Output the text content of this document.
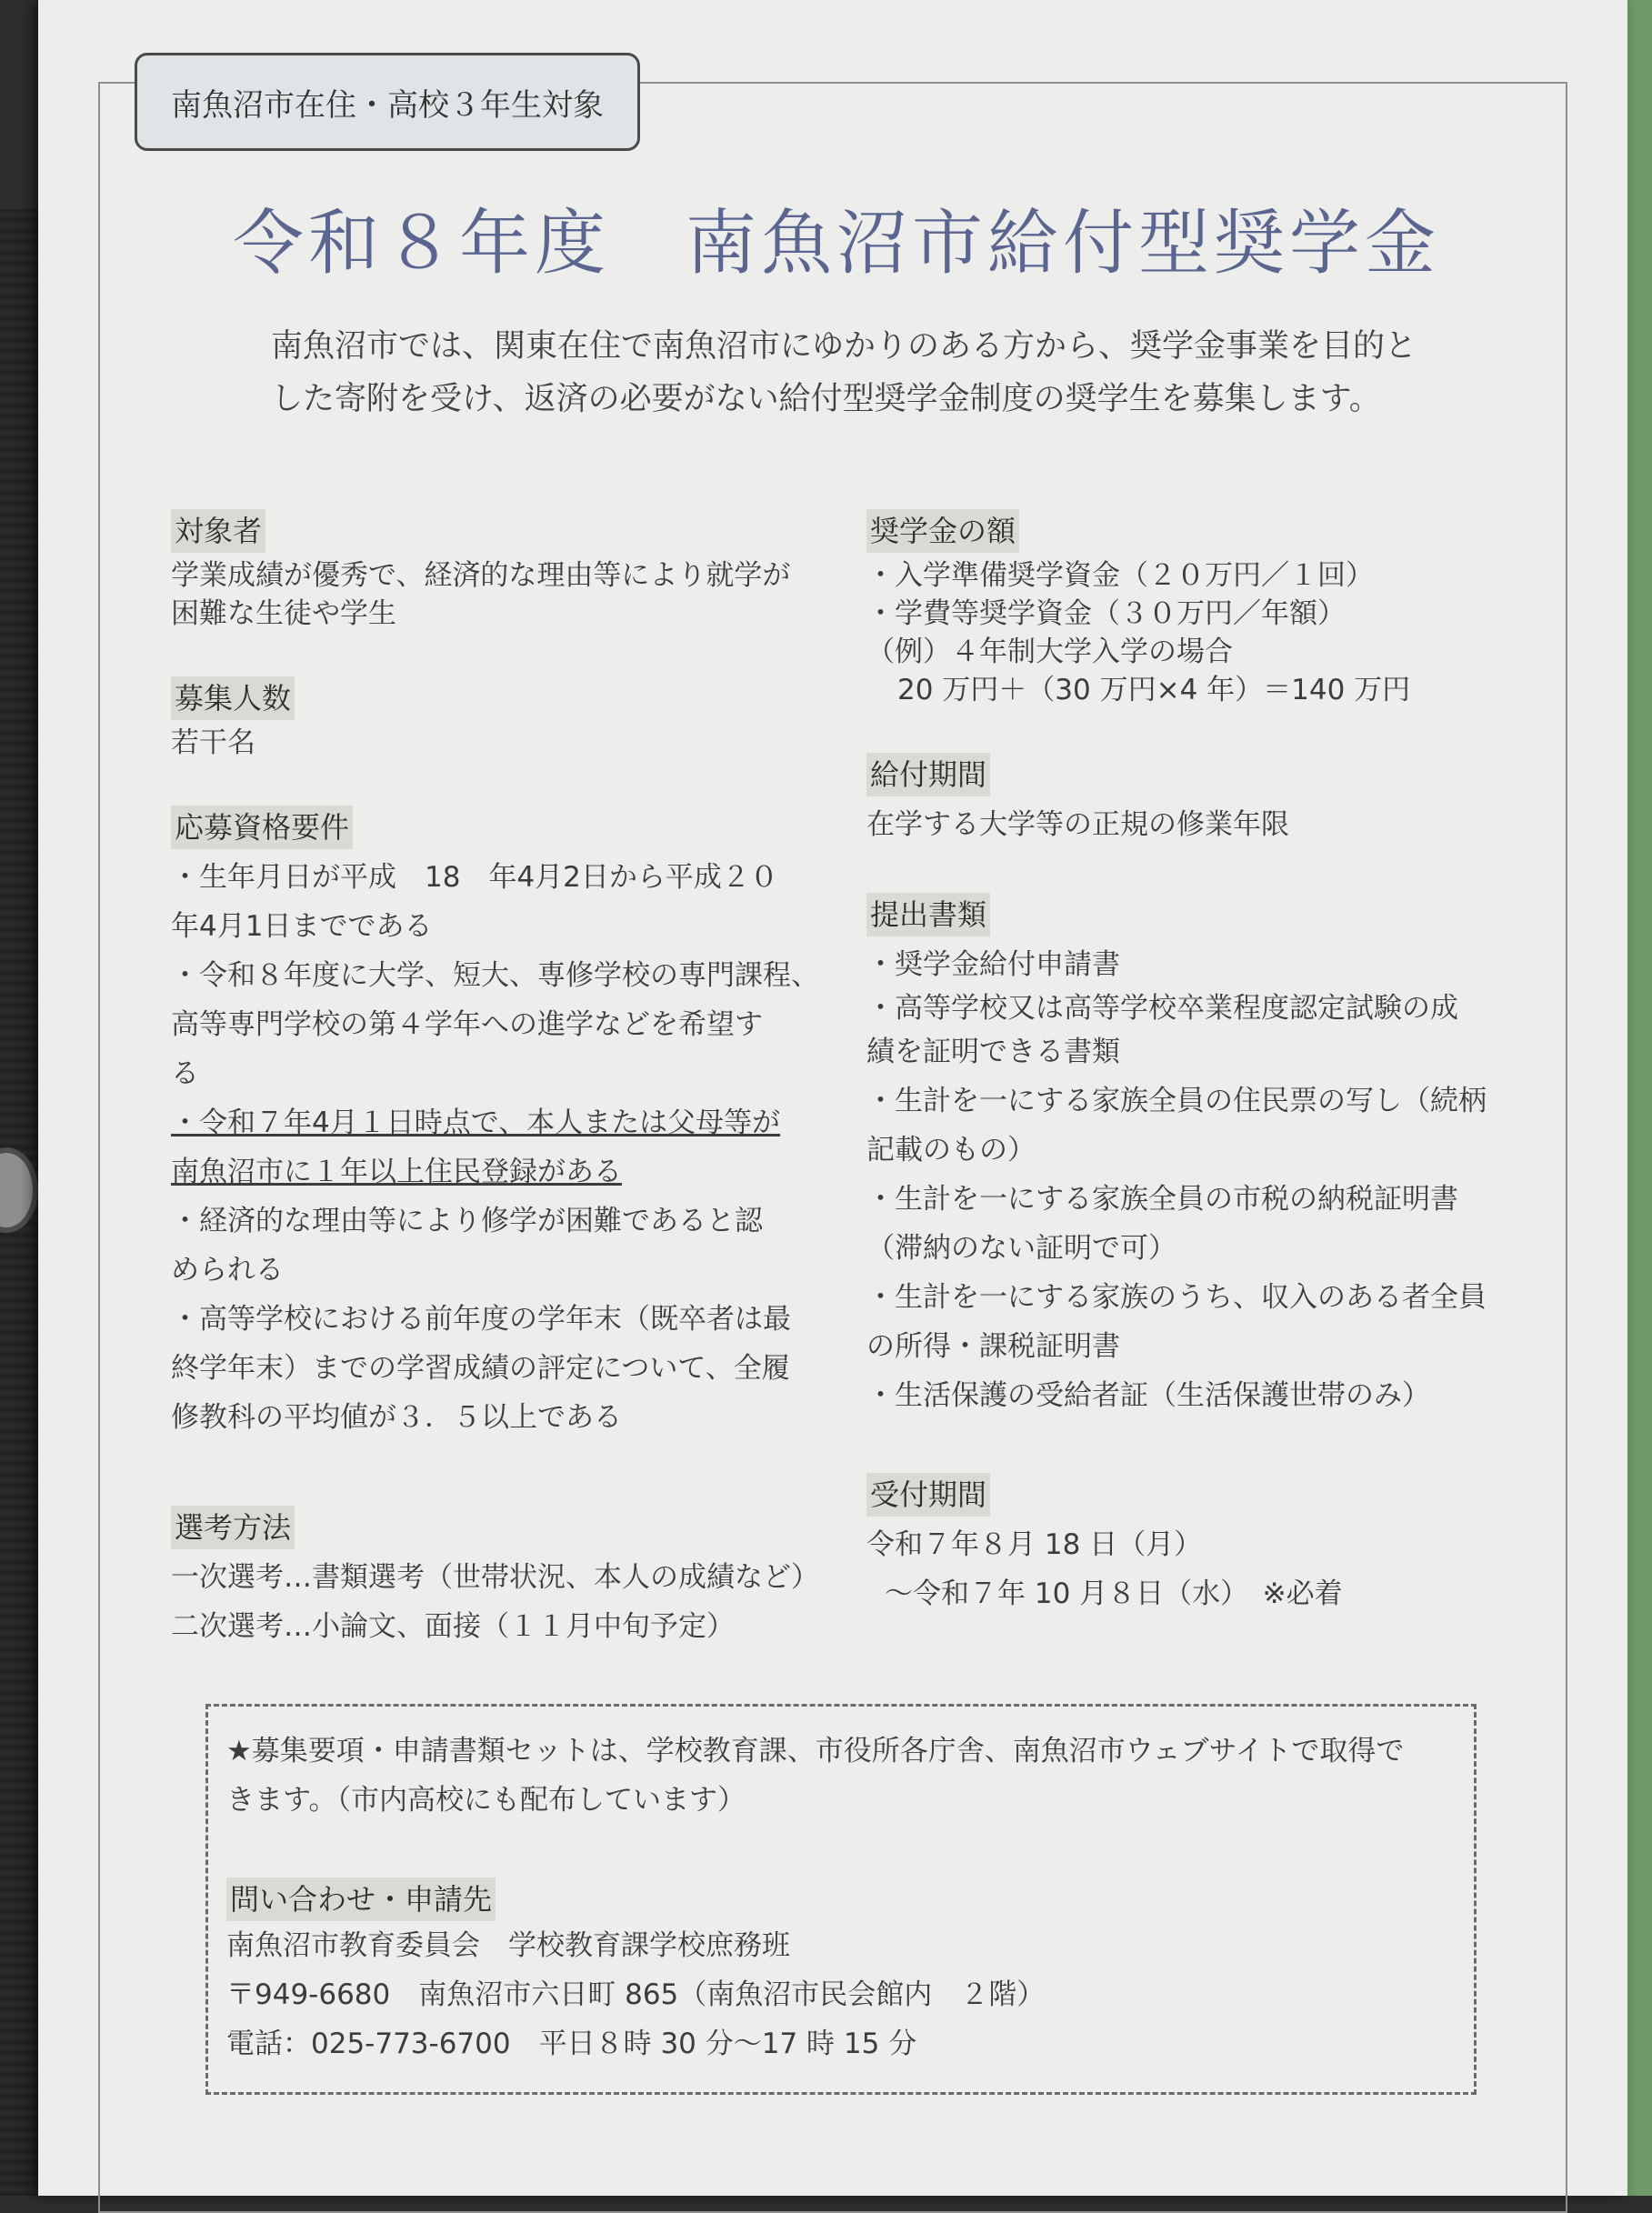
南魚沼市在住・高校３年生対象
令和８年度　南魚沼市給付型奨学金

南魚沼市では、関東在住で南魚沼市にゆかりのある方から、奨学金事業を目的と

した寄附を受け、返済の必要がない給付型奨学金制度の奨学生を募集します。

対象者
学業成績が優秀で、経済的な理由等により就学が
困難な生徒や学生
募集人数
若干名
応募資格要件
・生年月日が平成　18　年4月2日から平成２０
年4月1日までである
・令和８年度に大学、短大、専修学校の専門課程、
高等専門学校の第４学年への進学などを希望す
る
・令和７年4月１日時点で、本人または父母等が
南魚沼市に１年以上住民登録がある
・経済的な理由等により修学が困難であると認
められる
・高等学校における前年度の学年末（既卒者は最
終学年末）までの学習成績の評定について、全履
修教科の平均値が３．５以上である
選考方法
一次選考…書類選考（世帯状況、本人の成績など）
二次選考…小論文、面接（１１月中旬予定）
奨学金の額
・入学準備奨学資金（２０万円／１回）
・学費等奨学資金（３０万円／年額）
（例）４年制大学入学の場合
20 万円＋（30 万円×4 年）＝140 万円
給付期間
在学する大学等の正規の修業年限
提出書類
・奨学金給付申請書
・高等学校又は高等学校卒業程度認定試験の成
績を証明できる書類
・生計を一にする家族全員の住民票の写し（続柄
記載のもの）
・生計を一にする家族全員の市税の納税証明書
（滞納のない証明で可）
・生計を一にする家族のうち、収入のある者全員
の所得・課税証明書
・生活保護の受給者証（生活保護世帯のみ）
受付期間
令和７年８月 18 日（月）
～令和７年 10 月８日（水）　※必着
★募集要項・申請書類セットは、学校教育課、市役所各庁舎、南魚沼市ウェブサイトで取得で
きます。（市内高校にも配布しています）
問い合わせ・申請先
南魚沼市教育委員会　学校教育課学校庶務班
〒949-6680　南魚沼市六日町 865（南魚沼市民会館内　２階）
電話：025-773-6700　平日８時 30 分～17 時 15 分
